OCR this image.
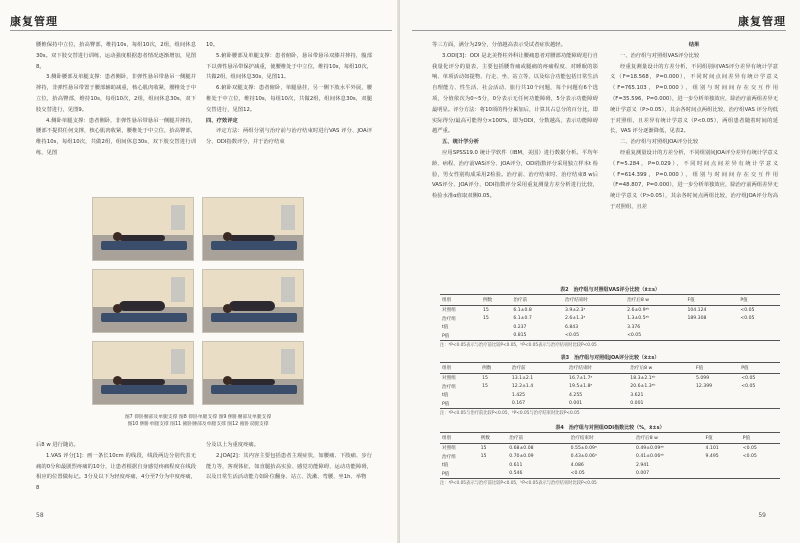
康复管理

腰椎保持中立位，抬高臀部，维持10s，每组10次，2组，组间休息30s。双下肢交替进行训练，运动强度根据患者情况逐渐增加，见图8。

3.侧卧腰部及单腿支撑：患者侧卧，非弹性悬吊带悬吊一侧腿并摔持，非弹性悬吊带置于腰部辅助减重，核心肌肉收紧，腰椎处于中立位，抬高臀部，维持10s，每组10次，2组，组间休息30s，双下肢交替进行，见图9。

4.侧卧单腿支撑：患者侧卧，非弹性悬吊带悬吊一侧腿并摔持，腰部不提供任何支撑，核心肌肉收紧，腰椎处于中立位，抬高臀部，维持10s，每组10次，共做2组，组间休息30s，双下肢交替进行训练，见图

10。

5.俯卧腰部及单腿支撑：患者俯卧，悬吊带悬吊双膝并摔持，腹部下以弹性悬吊带保护减重，使腰椎处于中立位，维持10s，每组10次，共做2组，组间休息30s，见图11。

6.俯卧双腿支撑：患者俯卧，单腿悬挂，另一侧下肢水平外展，腰椎处于中立位，维持10s，每组10次，共做2组，组间休息30s，双腿交替进行，见图12。

四、疗效评定

评定方法：两组分别与治疗前与治疗结束时进行VAS 评分、JOA评分、ODI指数评分，并于治疗结束

图7 仰卧腰部及单腿支撑 图8 仰卧单腿支撑 图9 侧卧腰部及单腿支撑
图10 侧卧单腿支撑 图11 俯卧腰部及单腿支撑 图12 俯卧双腿支撑

后8 w 进行随访。

1.VAS 评分[1]：画一条长10cm 的线段，线段两边分别代表无痛的0分和最剧烈疼痛的10分，让患者根据自身感觉疼痛程度在线段相应的位置做标记。3分及以下为轻度疼痛，4分至7分为中度疼痛，8

分及以上为重度疼痛。

2.JOA[2]：其内容主要包括患者主观症状，如腰痛、下肢痛、步行能力等，客观体征，如直腿抬高实验、感觉功能障碍、运动功能障碍，以及日常生活活动能力如卧位翻身、站立、洗漱、弯腰、坐1h、举物

58
康复管理

等三方面，满分为29分，分值越高表示受试者症状越轻。

3.ODI[3]：ODI 是北美脊柱外科让腰痛患者对腰部功能障碍进行自我量化评分的量表，主要包括腰背痛或腿痛的疼痛程度、对睡眠的影响、单项活动如提物、行走、坐、站立等，以及综合功能包括日常生活自理能力、性生活、社会活动、旅行共10个问题，每个问题有6个选项，分值依次为0~5分，0分表示无任何功能障碍，5分表示功能障碍最明显。评分方法：将10项的得分累加后，计算其占总分的百分比，即实际得分/最高可能得分×100%，即为ODI，分数越高，表示功能障碍越严重。

五、统计学分析

应用SPSS19.0 统计学软件（IBM，美国）进行数据分析。平均年龄、病程、治疗前VAS评分、JOA评分，ODI指数评分采用独立样本t 检验，男女性别构成采用2检验。治疗前、治疗结束时、治疗结束8 w后VAS评分、JOA评分、ODI指数评分采用重复测量方差分析进行比较，检验水准α值取双侧0.05。

结果

一、治疗组与对照组VAS评分比较

经重复测量设计的方差分析，不同组别间VAS评分差异有统计学意义（F=18.568，P=0.000），不同时间点间差异有统计学意义（F=765.103，P=0.000），组别与时间间存在交互作用（F=35.596，P=0.000），进一步分析单独效应，除治疗前两组差异无统计学意义（P>0.05），其余各时间点两组比较，治疗组VAS 评分均低于对照组，且差异有统计学意义（P<0.05），两组患者随着时间的延长，VAS 评分逐渐降低，见表2。

二、治疗组与对照组JOA评分比较

经重复测量设计的方差分析，不同组别间JOA评分差异有统计学意义（F=5.284，P=0.029），不同时间点间差异有统计学意义（F=614.399，P=0.000），组别与时间间存在交互作用（F=48.807，P=0.000），进一步分析单独效应，除治疗前两组差异无统计学意义（P>0.05），其余各时间点两组比较，治疗组JOA评分均高于对照组，且差

表2　治疗组与对照组VAS评分比较（x̄±s）
组别	例数	治疗前	治疗结束时	治疗后8 w	F值	P值
对照组	15	6.1±0.8	3.9±2.3ᵃ	2.6±0.9ᵃᵇ	104.124	<0.05
治疗组	15	6.1±0.7	2.6±1.3ᵃ	1.3±0.5ᵃᵇ	189.308	<0.05
t值		0.237	6.843	3.376		
P值		0.815	<0.05	<0.05		
注：ᵃP<0.05表示与治疗前比较P<0.05，ᵇP<0.05表示与治疗结束时比较P<0.05
表3　治疗组与对照组JOA评分比较（x̄±s）
组别	例数	治疗前	治疗结束时	治疗后8 w	F值	P值
对照组	15	13.1±2.1	16.7±1.7ᵃ	18.3±2.1ᵃᵇ	5.099	<0.05
治疗组	15	12.2±1.4	19.5±1.8ᵃ	20.6±1.3ᵃᵇ	12.399	<0.05
t值		1.425	4.255	3.621		
P值		0.167	0.001	0.001		
注：ᵃP<0.05与治疗前比较P<0.05，ᵇP<0.05与治疗结束时比较P<0.05
表4　治疗组与对照组ODI指数比较（%，x̄±s）
组别	例数	治疗前	治疗结束时	治疗后8 w	F值	P值
对照组	15	0.68±0.08	0.55±0.09ᵃ	0.49±0.09ᵃᵇ	4.101	<0.05
治疗组	15	0.70±0.09	0.43±0.06ᵃ	0.41±0.06ᵃᵇ	9.495	<0.05
t值		0.611	4.086	2.941		
P值		0.546	<0.05	0.007		
注：ᵃP<0.05表示与治疗前比较P<0.05，ᵇP<0.05表示与治疗结束时比较P<0.05
59
